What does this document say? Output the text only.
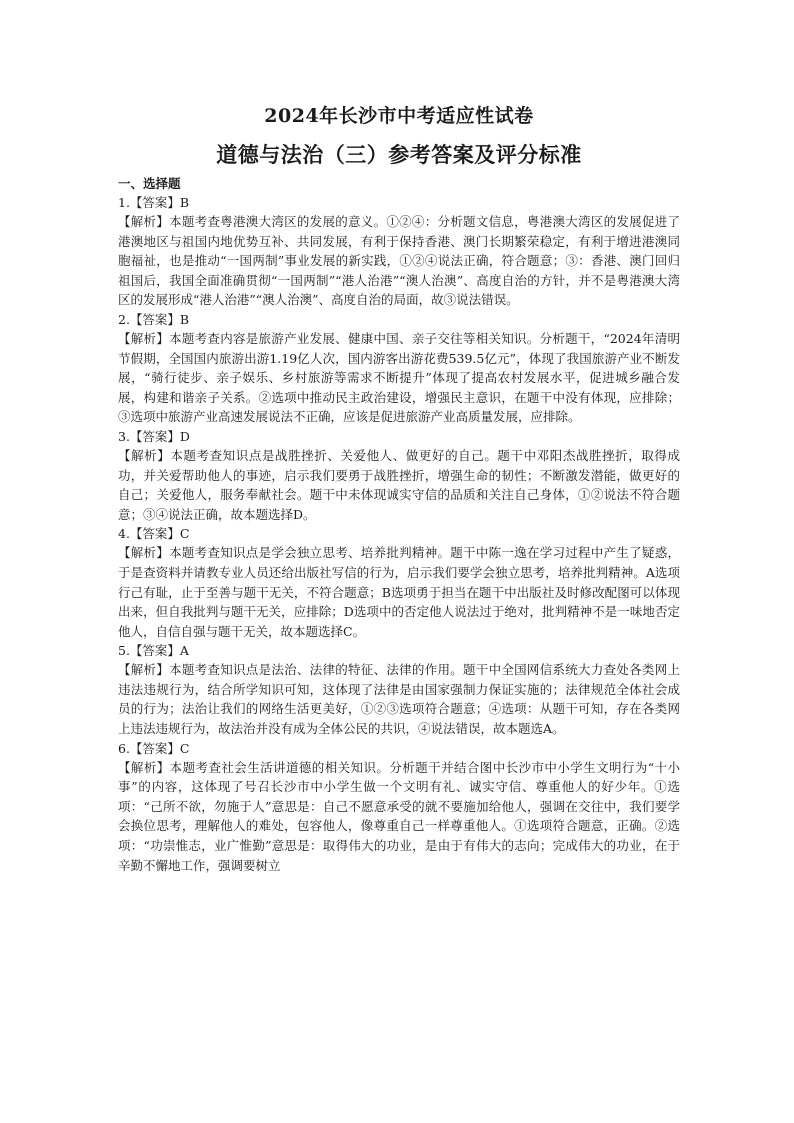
2024年长沙市中考适应性试卷
道德与法治（三）参考答案及评分标准

一、选择题

1.【答案】B

【解析】本题考查粤港澳大湾区的发展的意义。①②④：分析题文信息，粤港澳大湾区的发展促进了港澳地区与祖国内地优势互补、共同发展，有利于保持香港、澳门长期繁荣稳定，有利于增进港澳同胞福祉，也是推动“一国两制”事业发展的新实践，①②④说法正确，符合题意；③：香港、澳门回归祖国后，我国全面准确贯彻“一国两制”“港人治港”“澳人治澳”、高度自治的方针，并不是粤港澳大湾区的发展形成“港人治港”“澳人治澳”、高度自治的局面，故③说法错误。

2.【答案】B

【解析】本题考查内容是旅游产业发展、健康中国、亲子交往等相关知识。分析题干，“2024年清明节假期，全国国内旅游出游1.19亿人次，国内游客出游花费539.5亿元”，体现了我国旅游产业不断发展，“骑行徒步、亲子娱乐、乡村旅游等需求不断提升”体现了提高农村发展水平，促进城乡融合发展，构建和谐亲子关系。②选项中推动民主政治建设，增强民主意识，在题干中没有体现，应排除；③选项中旅游产业高速发展说法不正确，应该是促进旅游产业高质量发展，应排除。

3.【答案】D

【解析】本题考查知识点是战胜挫折、关爱他人、做更好的自己。题干中邓阳杰战胜挫折，取得成功，并关爱帮助他人的事迹，启示我们要勇于战胜挫折，增强生命的韧性；不断激发潜能，做更好的自己；关爱他人，服务奉献社会。题干中未体现诚实守信的品质和关注自己身体，①②说法不符合题意；③④说法正确，故本题选择D。

4.【答案】C

【解析】本题考查知识点是学会独立思考、培养批判精神。题干中陈一逸在学习过程中产生了疑惑，于是查资料并请教专业人员还给出版社写信的行为，启示我们要学会独立思考，培养批判精神。A选项行己有耻，止于至善与题干无关，不符合题意；B选项勇于担当在题干中出版社及时修改配图可以体现出来，但自我批判与题干无关，应排除；D选项中的否定他人说法过于绝对，批判精神不是一味地否定他人，自信自强与题干无关，故本题选择C。

5.【答案】A

【解析】本题考查知识点是法治、法律的特征、法律的作用。题干中全国网信系统大力查处各类网上违法违规行为，结合所学知识可知，这体现了法律是由国家强制力保证实施的；法律规范全体社会成员的行为；法治让我们的网络生活更美好，①②③选项符合题意；④选项：从题干可知，存在各类网上违法违规行为，故法治并没有成为全体公民的共识，④说法错误，故本题选A。

6.【答案】C

【解析】本题考查社会生活讲道德的相关知识。分析题干并结合图中长沙市中小学生文明行为“十小事”的内容，这体现了号召长沙市中小学生做一个文明有礼、诚实守信、尊重他人的好少年。①选项：“己所不欲，勿施于人”意思是：自己不愿意承受的就不要施加给他人，强调在交往中，我们要学会换位思考，理解他人的难处，包容他人，像尊重自己一样尊重他人。①选项符合题意，正确。②选项：“功崇惟志，业广惟勤”意思是：取得伟大的功业，是由于有伟大的志向；完成伟大的功业，在于辛勤不懈地工作，强调要树立
